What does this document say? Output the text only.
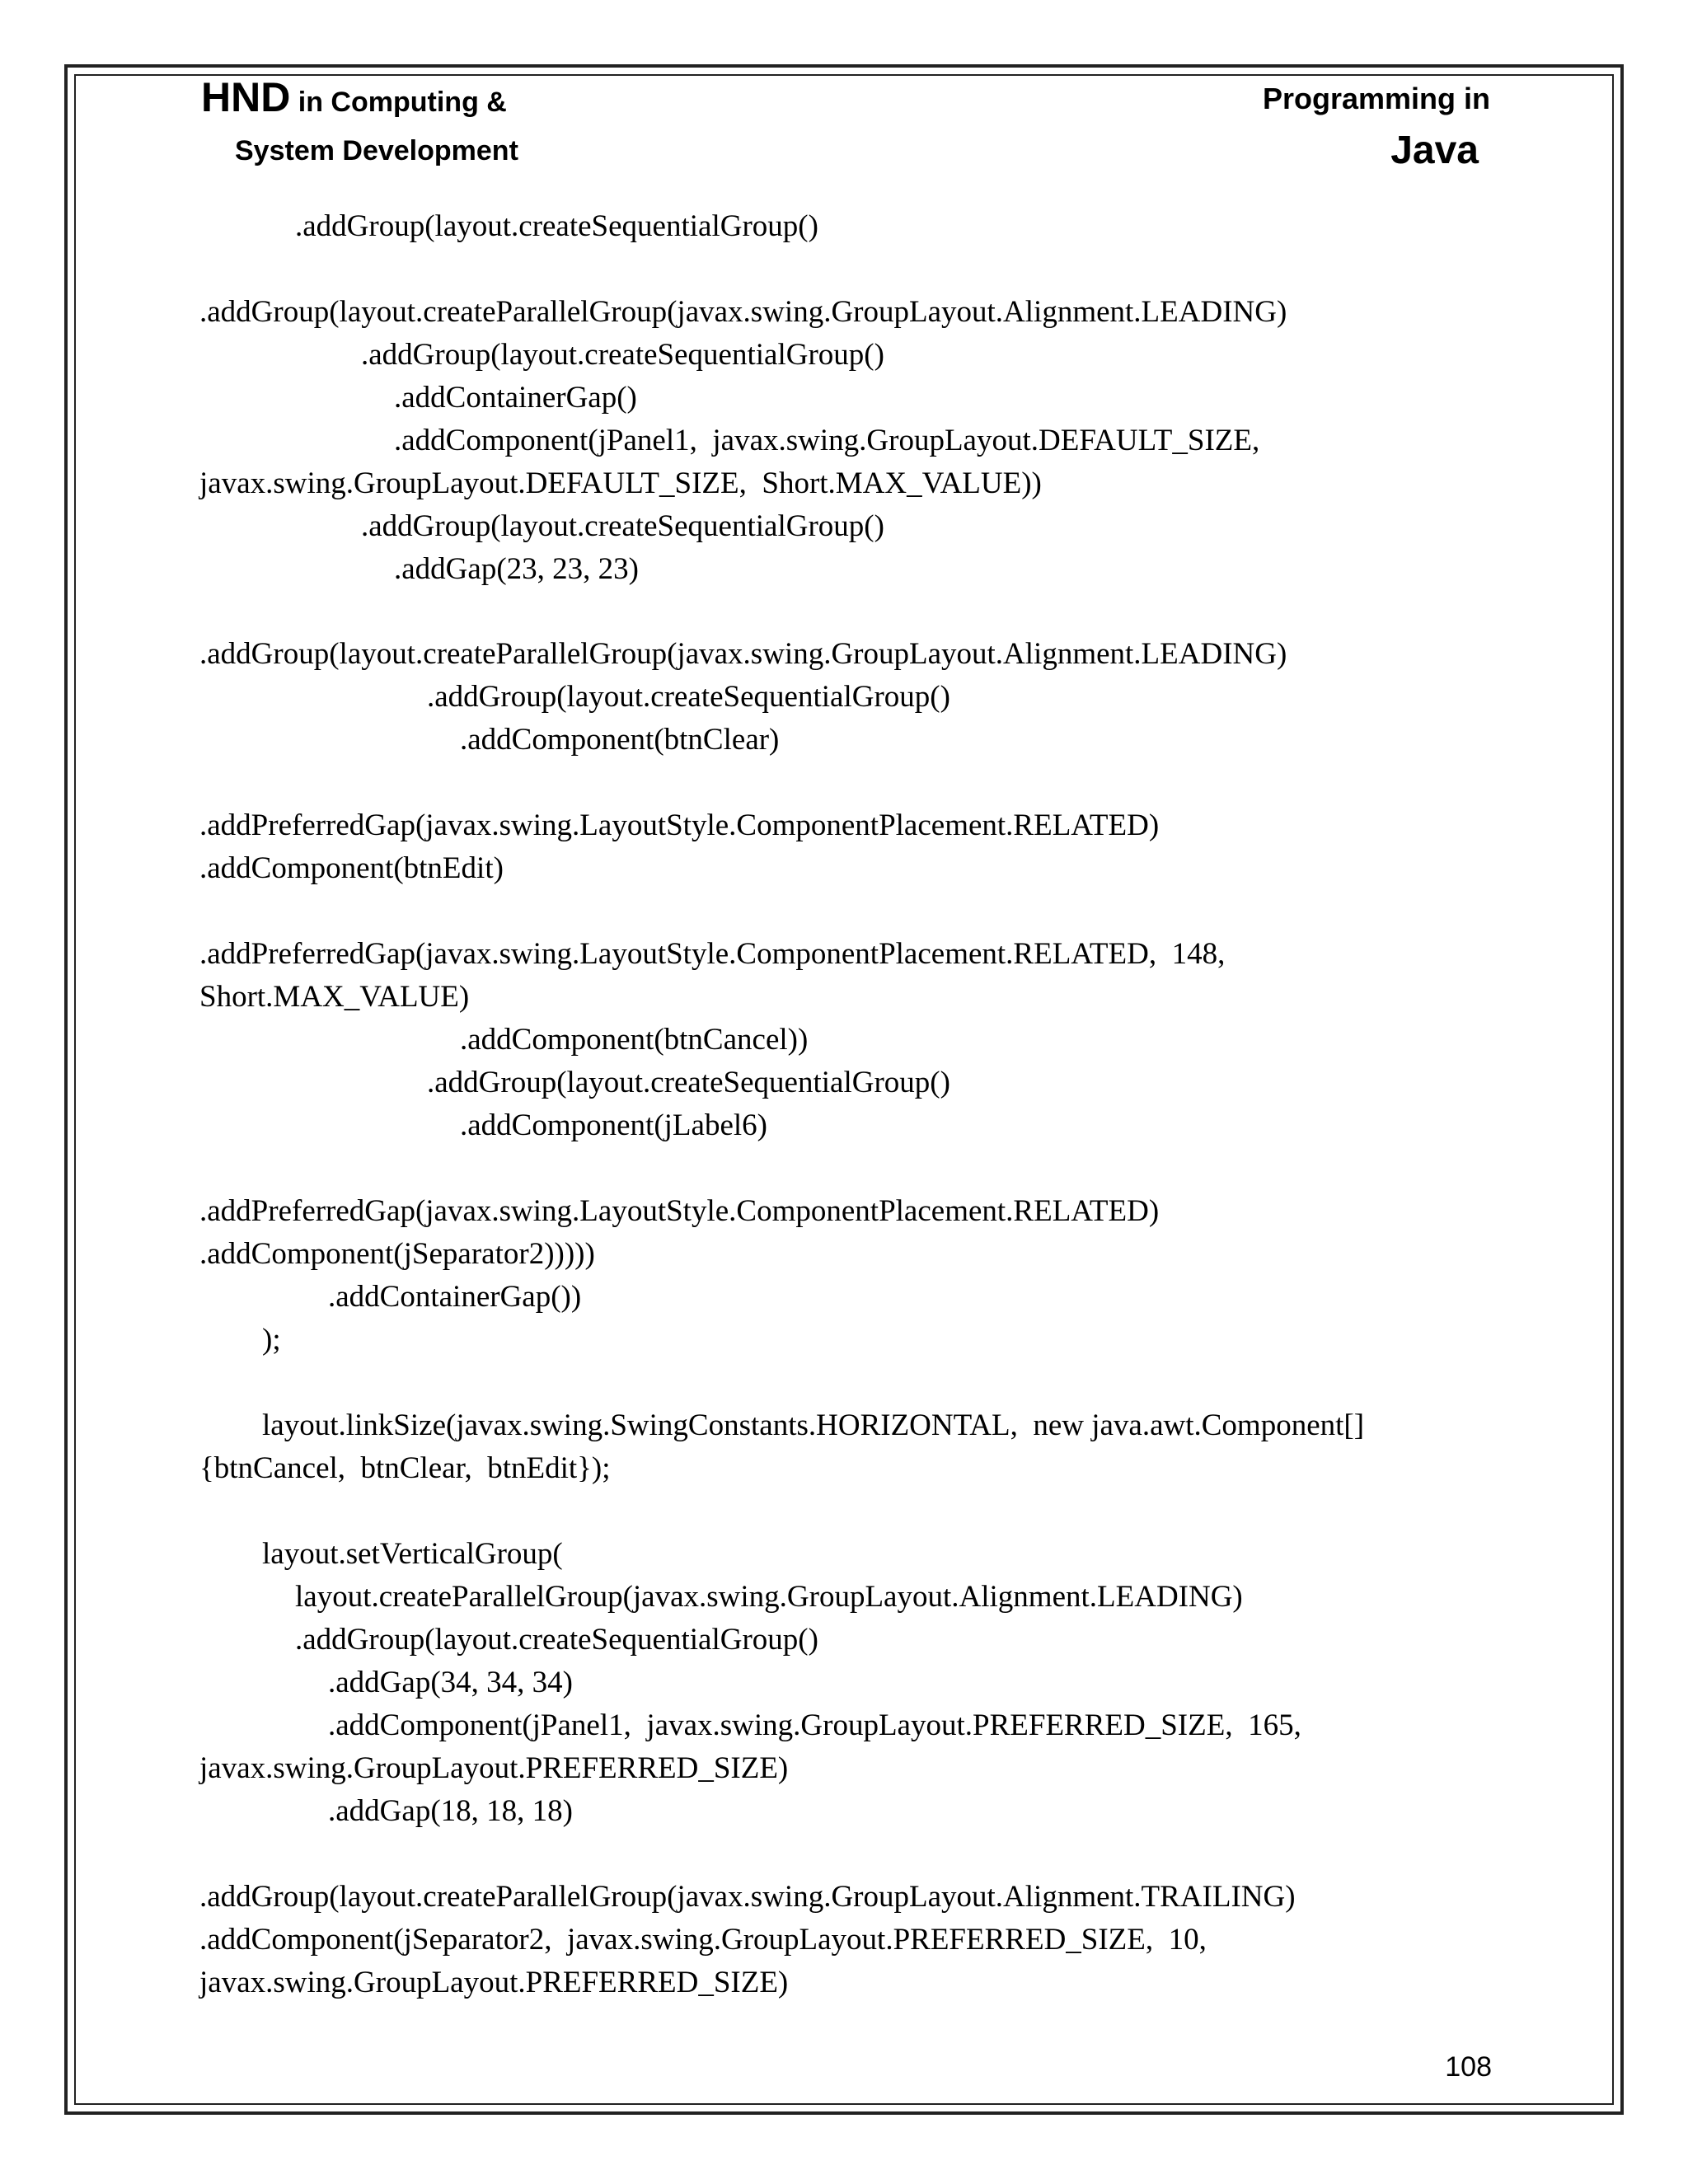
HND in Computing &
System Development
Programming in
Java
.addGroup(layout.createSequentialGroup()
.addGroup(layout.createParallelGroup(javax.swing.GroupLayout.Alignment.LEADING)
.addGroup(layout.createSequentialGroup()
.addContainerGap()
.addComponent(jPanel1,  javax.swing.GroupLayout.DEFAULT_SIZE,
javax.swing.GroupLayout.DEFAULT_SIZE,  Short.MAX_VALUE))
.addGroup(layout.createSequentialGroup()
.addGap(23, 23, 23)
.addGroup(layout.createParallelGroup(javax.swing.GroupLayout.Alignment.LEADING)
.addGroup(layout.createSequentialGroup()
.addComponent(btnClear)
.addPreferredGap(javax.swing.LayoutStyle.ComponentPlacement.RELATED)
.addComponent(btnEdit)
.addPreferredGap(javax.swing.LayoutStyle.ComponentPlacement.RELATED,  148,
Short.MAX_VALUE)
.addComponent(btnCancel))
.addGroup(layout.createSequentialGroup()
.addComponent(jLabel6)
.addPreferredGap(javax.swing.LayoutStyle.ComponentPlacement.RELATED)
.addComponent(jSeparator2)))))
.addContainerGap())
);
layout.linkSize(javax.swing.SwingConstants.HORIZONTAL,  new java.awt.Component[]
{btnCancel,  btnClear,  btnEdit});
layout.setVerticalGroup(
layout.createParallelGroup(javax.swing.GroupLayout.Alignment.LEADING)
.addGroup(layout.createSequentialGroup()
.addGap(34, 34, 34)
.addComponent(jPanel1,  javax.swing.GroupLayout.PREFERRED_SIZE,  165,
javax.swing.GroupLayout.PREFERRED_SIZE)
.addGap(18, 18, 18)
.addGroup(layout.createParallelGroup(javax.swing.GroupLayout.Alignment.TRAILING)
.addComponent(jSeparator2,  javax.swing.GroupLayout.PREFERRED_SIZE,  10,
javax.swing.GroupLayout.PREFERRED_SIZE)
108
